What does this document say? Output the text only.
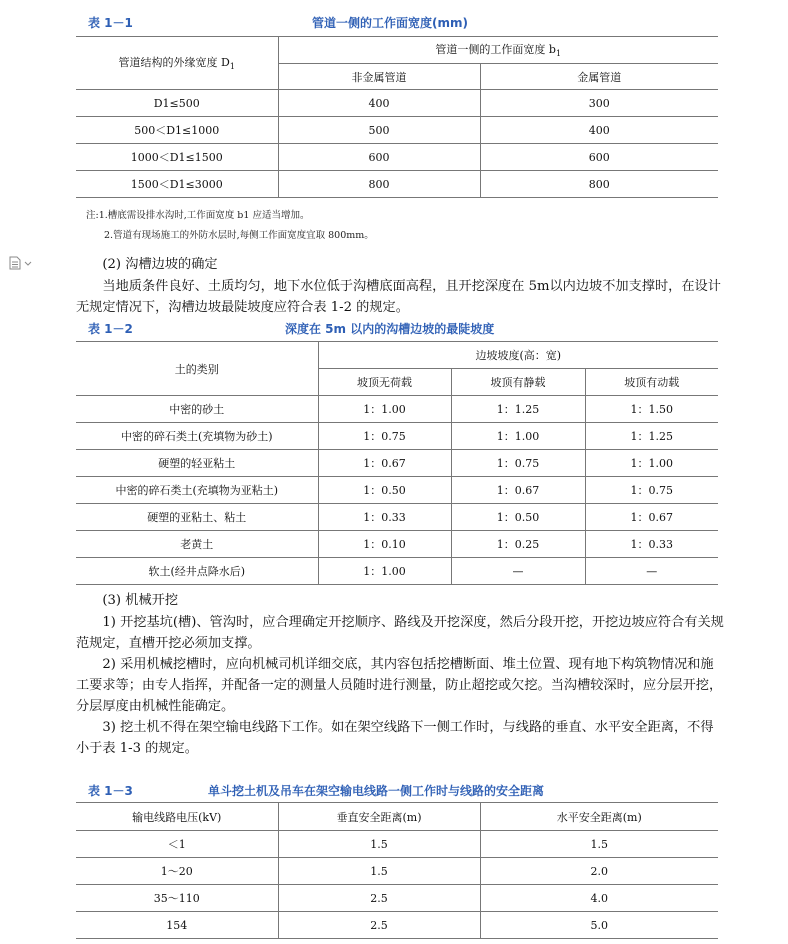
表 1－1	管道一侧的工作面宽度(mm)
管道结构的外缘宽度 $D_1$	管道一侧的工作面宽度 $b_1$
	非金属管道	金属管道
D1≤500	400	300
500＜D1≤1000	500	400
1000＜D1≤1500	600	600
1500＜D1≤3000	800	800
注:1.槽底需设排水沟时,工作面宽度 b1 应适当增加。
2.管道有现场施工的外防水层时,每侧工作面宽度宜取 800mm。
(2) 沟槽边坡的确定
当地质条件良好、土质均匀，地下水位低于沟槽底面高程，且开挖深度在 5m以内边坡不加支撑时，在设计无规定情况下，沟槽边坡最陡坡度应符合表 1-2 的规定。
表 1－2	深度在 5m 以内的沟槽边坡的最陡坡度
土的类别	边坡坡度(高：宽)		
	坡顶无荷载	坡顶有静载	坡顶有动载
中密的砂土	1：1.00	1：1.25	1：1.50
中密的碎石类土(充填物为砂土)	1：0.75	1：1.00	1：1.25
硬塑的轻亚粘土	1：0.67	1：0.75	1：1.00
中密的碎石类土(充填物为亚粘土)	1：0.50	1：0.67	1：0.75
硬塑的亚粘土、粘土	1：0.33	1：0.50	1：0.67
老黄土	1：0.10	1：0.25	1：0.33
软土(经井点降水后)	1：1.00	—	—
(3) 机械开挖
1) 开挖基坑(槽)、管沟时，应合理确定开挖顺序、路线及开挖深度，然后分段开挖，开挖边坡应符合有关规范规定，直槽开挖必须加支撑。
2) 采用机械挖槽时，应向机械司机详细交底，其内容包括挖槽断面、堆土位置、现有地下构筑物情况和施工要求等；由专人指挥，并配备一定的测量人员随时进行测量，防止超挖或欠挖。当沟槽较深时，应分层开挖，分层厚度由机械性能确定。
3) 挖土机不得在架空输电线路下工作。如在架空线路下一侧工作时，与线路的垂直、水平安全距离，不得小于表 1-3 的规定。
表 1－3	单斗挖土机及吊车在架空输电线路一侧工作时与线路的安全距离
输电线路电压(kV)	垂直安全距离(m)	水平安全距离(m)
＜1	1.5	1.5
1～20	1.5	2.0
35～110	2.5	4.0
154	2.5	5.0
